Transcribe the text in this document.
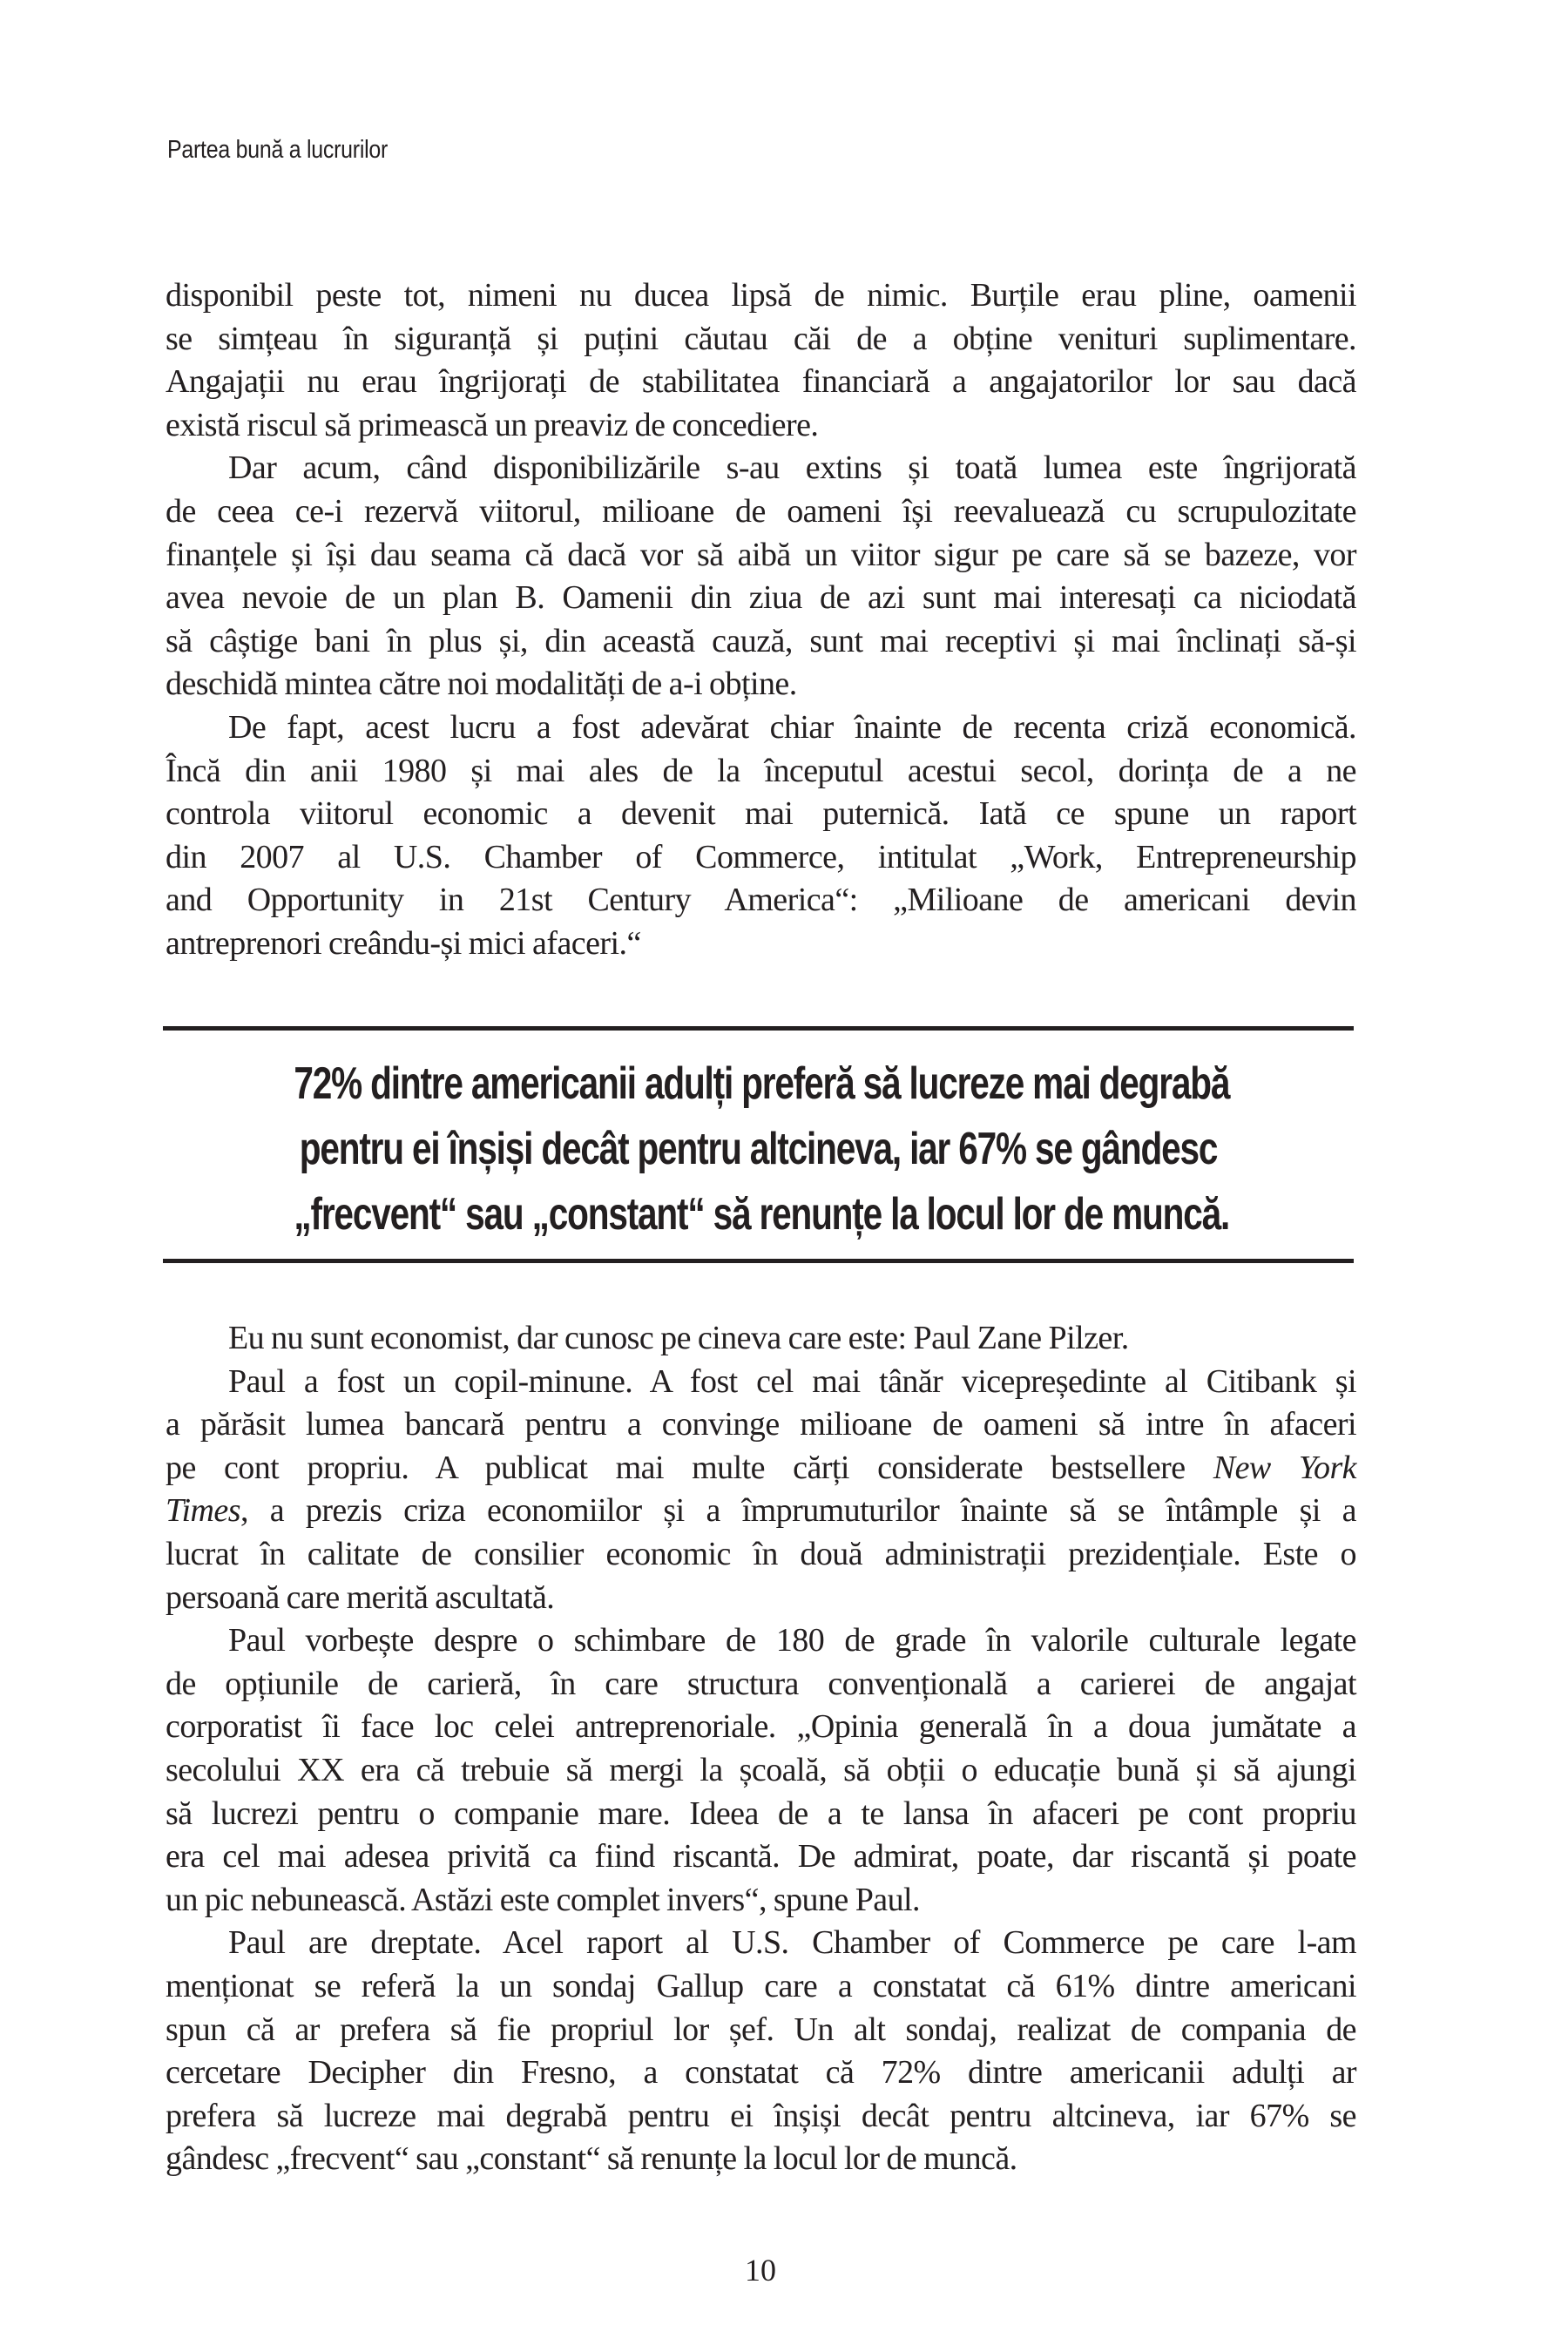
Partea bună a lucrurilor
disponibil peste tot, nimeni nu ducea lipsă de nimic. Burțile erau pline, oamenii
se simțeau în siguranță și puțini căutau căi de a obține venituri suplimentare.
Angajații nu erau îngrijorați de stabilitatea financiară a angajatorilor lor sau dacă
există riscul să primească un preaviz de concediere.
Dar acum, când disponibilizările s-au extins și toată lumea este îngrijorată
de ceea ce-i rezervă viitorul, milioane de oameni își reevaluează cu scrupulozitate
finanțele și își dau seama că dacă vor să aibă un viitor sigur pe care să se bazeze, vor
avea nevoie de un plan B. Oamenii din ziua de azi sunt mai interesați ca niciodată
să câștige bani în plus și, din această cauză, sunt mai receptivi și mai înclinați să-și
deschidă mintea către noi modalități de a-i obține.
De fapt, acest lucru a fost adevărat chiar înainte de recenta criză economică.
Încă din anii 1980 și mai ales de la începutul acestui secol, dorința de a ne
controla viitorul economic a devenit mai puternică. Iată ce spune un raport
din 2007 al U.S. Chamber of Commerce, intitulat „Work, Entrepreneurship
and Opportunity in 21st Century America“: „Milioane de americani devin
antreprenori creându-și mici afaceri.“
72% dintre americanii adulți preferă să lucreze mai degrabă
pentru ei înșiși decât pentru altcineva, iar 67% se gândesc
„frecvent“ sau „constant“ să renunțe la locul lor de muncă.
Eu nu sunt economist, dar cunosc pe cineva care este: Paul Zane Pilzer.
Paul a fost un copil-minune. A fost cel mai tânăr vicepreședinte al Citibank și
a părăsit lumea bancară pentru a convinge milioane de oameni să intre în afaceri
pe cont propriu. A publicat mai multe cărți considerate bestsellere New York
Times, a prezis criza economiilor și a împrumuturilor înainte să se întâmple și a
lucrat în calitate de consilier economic în două administrații prezidențiale. Este o
persoană care merită ascultată.
Paul vorbește despre o schimbare de 180 de grade în valorile culturale legate
de opțiunile de carieră, în care structura convențională a carierei de angajat
corporatist îi face loc celei antreprenoriale. „Opinia generală în a doua jumătate a
secolului XX era că trebuie să mergi la școală, să obții o educație bună și să ajungi
să lucrezi pentru o companie mare. Ideea de a te lansa în afaceri pe cont propriu
era cel mai adesea privită ca fiind riscantă. De admirat, poate, dar riscantă și poate
un pic nebunească. Astăzi este complet invers“, spune Paul.
Paul are dreptate. Acel raport al U.S. Chamber of Commerce pe care l-am
menționat se referă la un sondaj Gallup care a constatat că 61% dintre americani
spun că ar prefera să fie propriul lor șef. Un alt sondaj, realizat de compania de
cercetare Decipher din Fresno, a constatat că 72% dintre americanii adulți ar
prefera să lucreze mai degrabă pentru ei înșiși decât pentru altcineva, iar 67% se
gândesc „frecvent“ sau „constant“ să renunțe la locul lor de muncă.
10
